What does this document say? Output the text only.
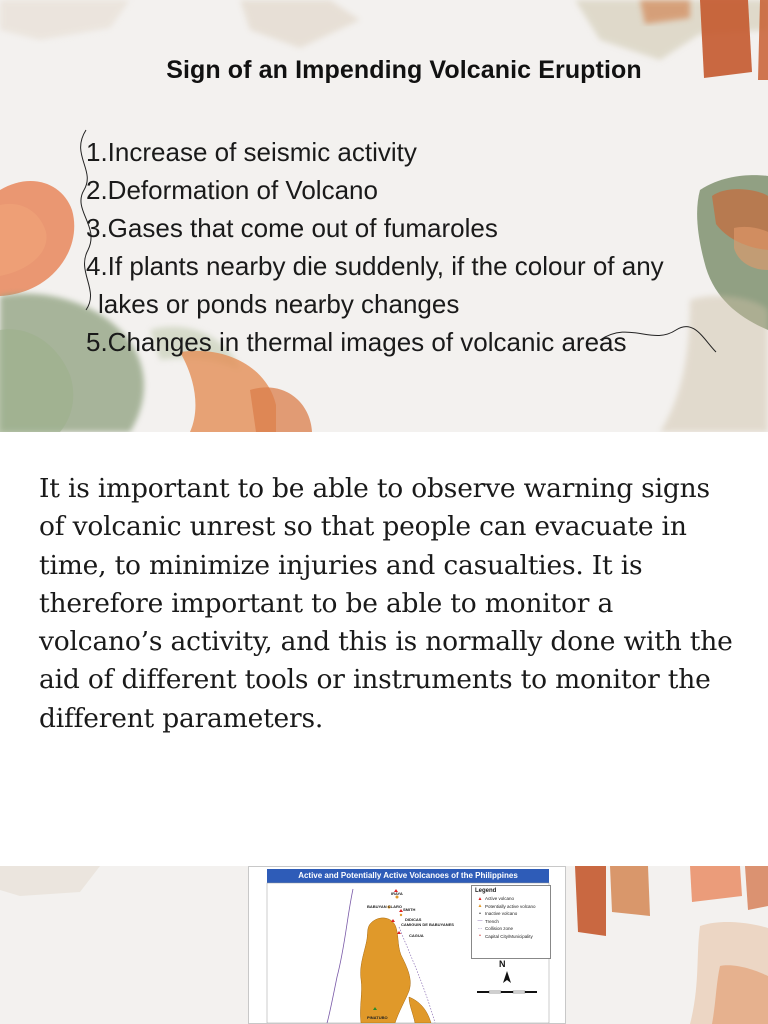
Sign of an Impending Volcanic Eruption
1.Increase of seismic activity
2.Deformation of Volcano
3.Gases that come out of fumaroles
4.If plants nearby die suddenly, if the colour of any lakes or ponds nearby changes
5.Changes in thermal images of volcanic areas

It is important to be able to observe warning signs of volcanic unrest so that people can evacuate in time, to minimize injuries and casualties. It is therefore important to be able to monitor a volcano’s activity, and this is normally done with the aid of different tools or instruments to monitor the different parameters.

Active and Potentially Active Volcanoes of the Philippines
BABUYAN CLARO
SMITH
DIDICAS
CAMIGUIN DE BABUYANES
CAGUA
PINATUBO
IRAYA
N
Legend
▲ Active volcano
▲ Potentially active volcano
• Inactive volcano
— Trench
··· Collision zone
• Capital City/Municipality
